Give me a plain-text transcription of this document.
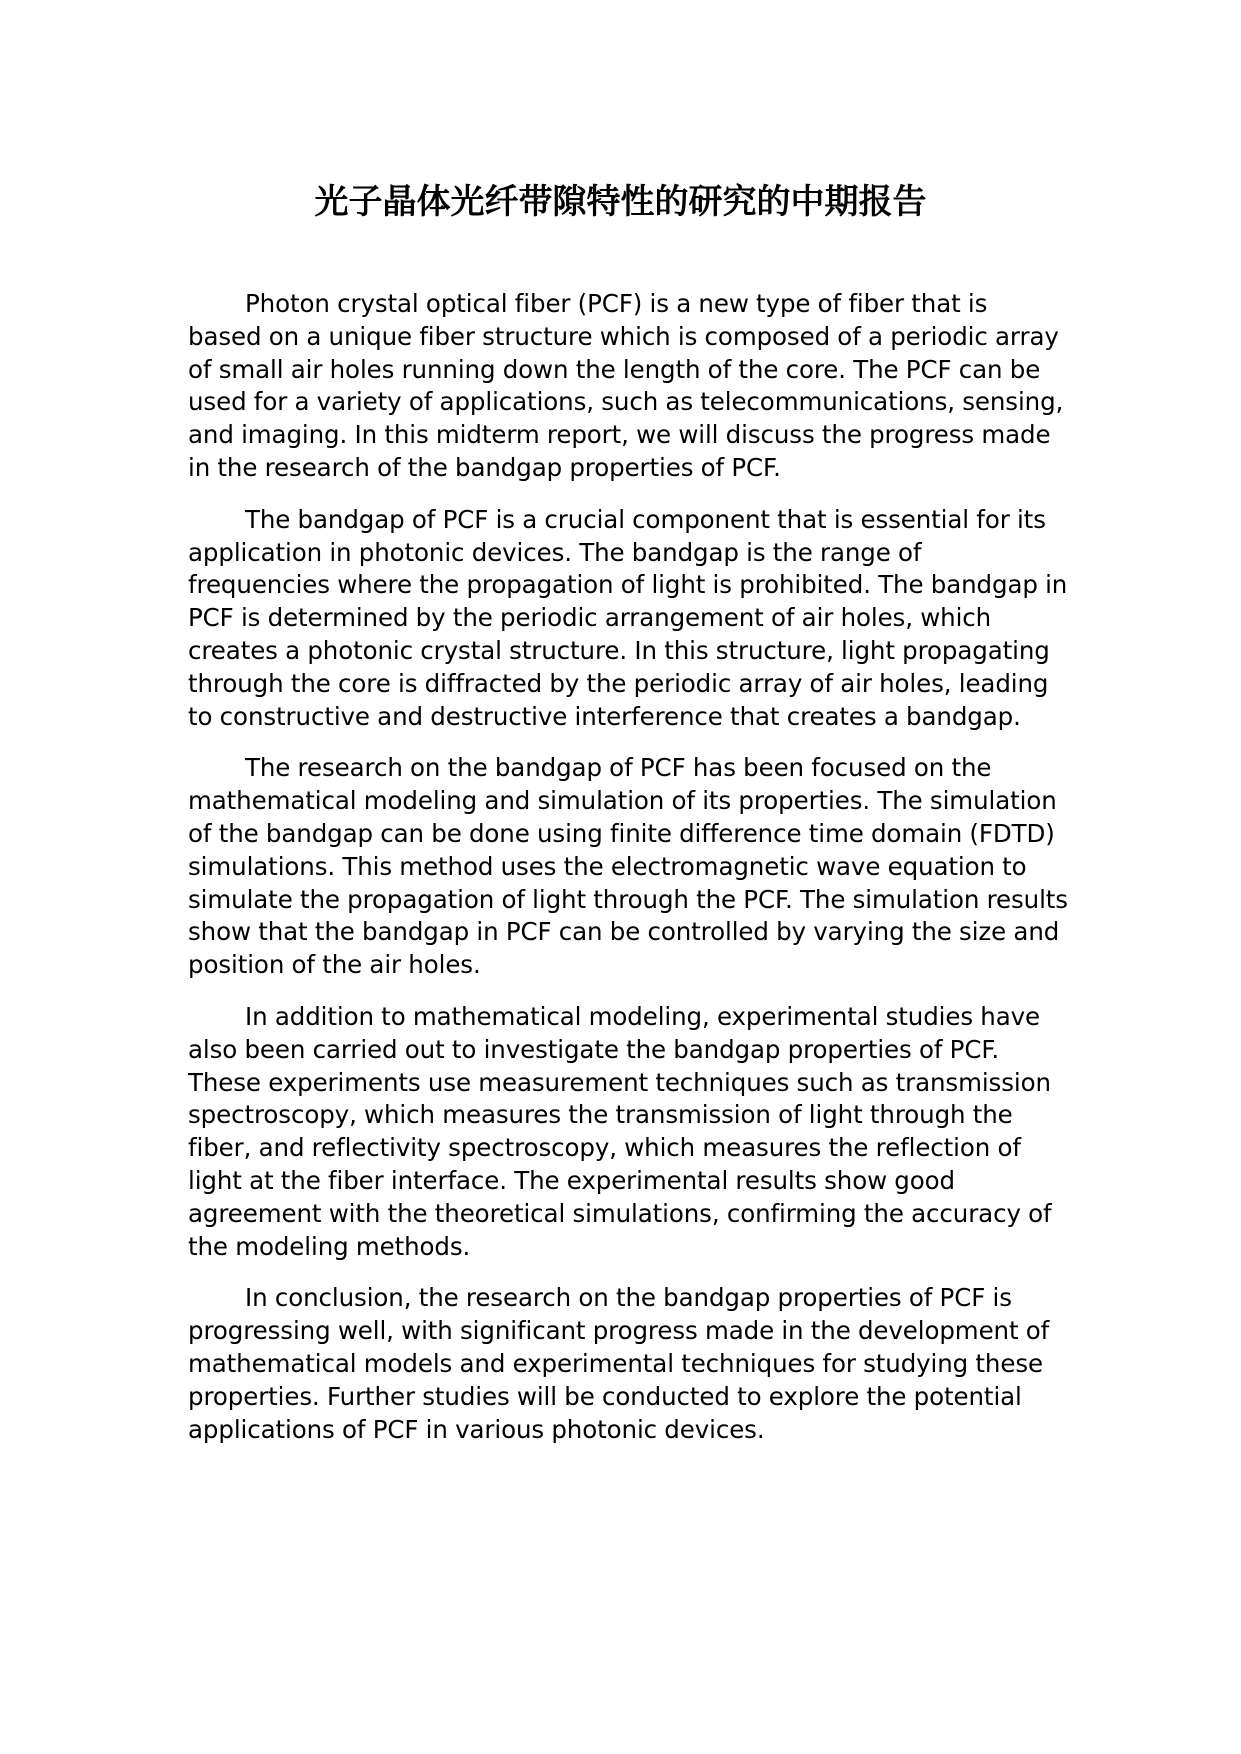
光子晶体光纤带隙特性的研究的中期报告

Photon crystal optical fiber (PCF) is a new type of fiber that is based on a unique fiber structure which is composed of a periodic array of small air holes running down the length of the core. The PCF can be used for a variety of applications, such as telecommunications, sensing, and imaging. In this midterm report, we will discuss the progress made in the research of the bandgap properties of PCF.

The bandgap of PCF is a crucial component that is essential for its application in photonic devices. The bandgap is the range of frequencies where the propagation of light is prohibited. The bandgap in PCF is determined by the periodic arrangement of air holes, which creates a photonic crystal structure. In this structure, light propagating through the core is diffracted by the periodic array of air holes, leading to constructive and destructive interference that creates a bandgap.

The research on the bandgap of PCF has been focused on the mathematical modeling and simulation of its properties. The simulation of the bandgap can be done using finite difference time domain (FDTD) simulations. This method uses the electromagnetic wave equation to simulate the propagation of light through the PCF. The simulation results show that the bandgap in PCF can be controlled by varying the size and position of the air holes.

In addition to mathematical modeling, experimental studies have also been carried out to investigate the bandgap properties of PCF. These experiments use measurement techniques such as transmission spectroscopy, which measures the transmission of light through the fiber, and reflectivity spectroscopy, which measures the reflection of light at the fiber interface. The experimental results show good agreement with the theoretical simulations, confirming the accuracy of the modeling methods.

In conclusion, the research on the bandgap properties of PCF is progressing well, with significant progress made in the development of mathematical models and experimental techniques for studying these properties. Further studies will be conducted to explore the potential applications of PCF in various photonic devices.
